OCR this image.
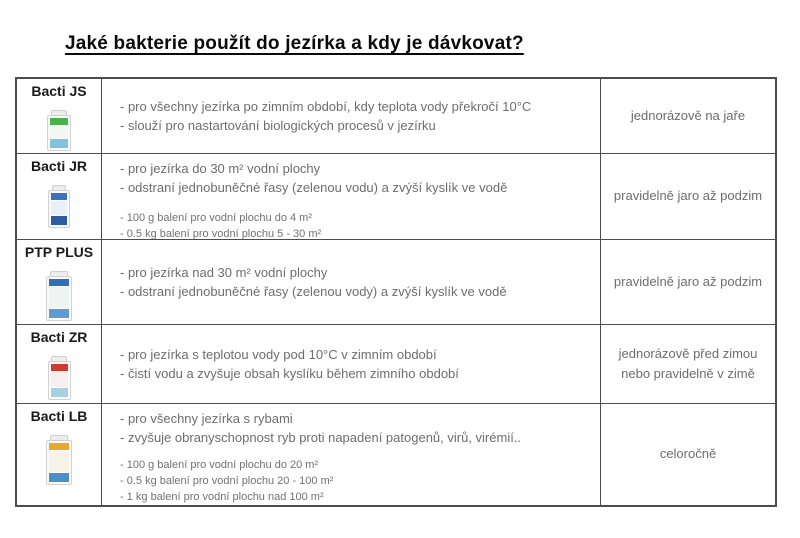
Jaké bakterie použít do jezírka a kdy je dávkovat?
Bacti JS
- pro všechny jezírka po zimním období, kdy teplota vody překročí 10°C
- slouží pro nastartování biologických procesů v jezírku
jednorázově na jaře
Bacti JR	- pro jezírka do 30 m² vodní plochy
- odstraní jednobuněčné řasy (zelenou vodu) a zvýší kyslík ve vodě
- 100 g balení pro vodní plochu do 4 m²
- 0.5 kg balení pro vodní plochu 5 - 30 m²
pravidelně jaro až podzim
PTP PLUS
- pro jezírka nad 30 m² vodní plochy
- odstraní jednobuněčné řasy (zelenou vody) a zvýší kyslík ve vodě
pravidelně jaro až podzim
Bacti ZR
- pro jezírka s teplotou vody pod 10°C v zimním období
- čistí vodu a zvyšuje obsah kyslíku během zimního období
jednorázově před zimou nebo pravidelně v zimě
Bacti LB	- pro všechny jezírka s rybami
- zvyšuje obranyschopnost ryb proti napadení patogenů, virů, virémií..
- 100 g balení pro vodní plochu do 20 m²
- 0.5 kg balení pro vodní plochu 20 - 100 m²
- 1 kg balení pro vodní plochu nad 100 m²
celoročně
